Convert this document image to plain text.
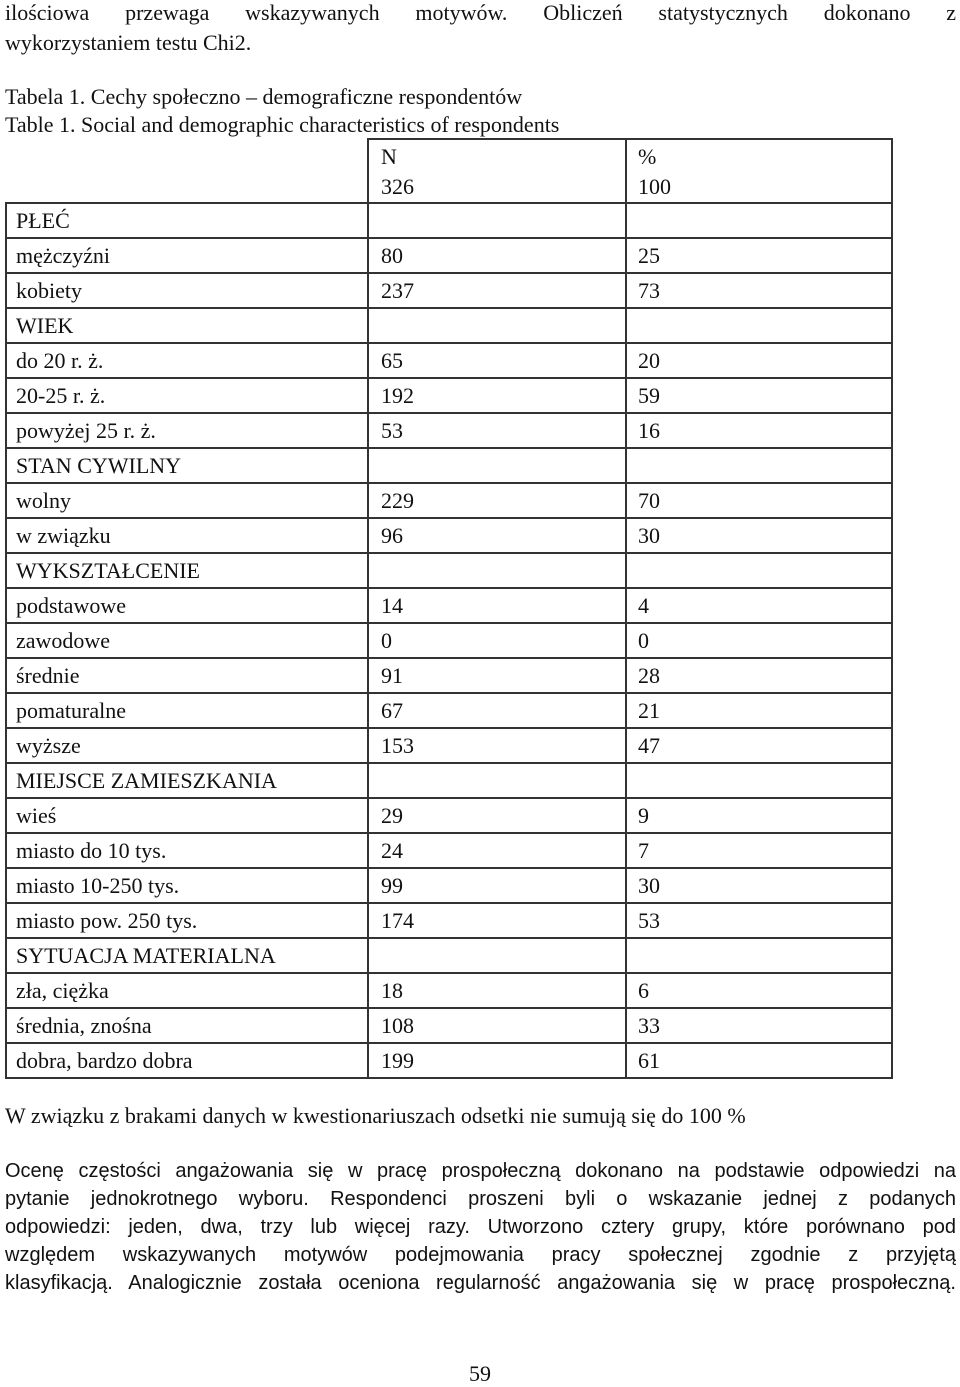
ilościowa przewaga wskazywanych motywów. Obliczeń statystycznych dokonano z
wykorzystaniem testu Chi2.
Tabela 1. Cechy społeczno – demograficzne respondentów
Table 1. Social and demographic characteristics of respondents
	N	%
	326	100
PŁEĆ		
mężczyźni	80	25
kobiety	237	73
WIEK		
do 20 r. ż.	65	20
20-25 r. ż.	192	59
powyżej 25 r. ż.	53	16
STAN CYWILNY		
wolny	229	70
w związku	96	30
WYKSZTAŁCENIE		
podstawowe	14	4
zawodowe	0	0
średnie	91	28
pomaturalne	67	21
wyższe	153	47
MIEJSCE ZAMIESZKANIA		
wieś	29	9
miasto do 10 tys.	24	7
miasto 10-250 tys.	99	30
miasto pow. 250 tys.	174	53
SYTUACJA MATERIALNA		
zła, ciężka	18	6
średnia, znośna	108	33
dobra, bardzo dobra	199	61
W związku z brakami danych w kwestionariuszach odsetki nie sumują się do 100 %
Ocenę częstości angażowania się w pracę prospołeczną dokonano na podstawie odpowiedzi na
pytanie jednokrotnego wyboru. Respondenci proszeni byli o wskazanie jednej z podanych
odpowiedzi: jeden, dwa, trzy lub więcej razy. Utworzono cztery grupy, które porównano pod
względem wskazywanych motywów podejmowania pracy społecznej zgodnie z przyjętą
klasyfikacją. Analogicznie została oceniona regularność angażowania się w pracę prospołeczną.
59
